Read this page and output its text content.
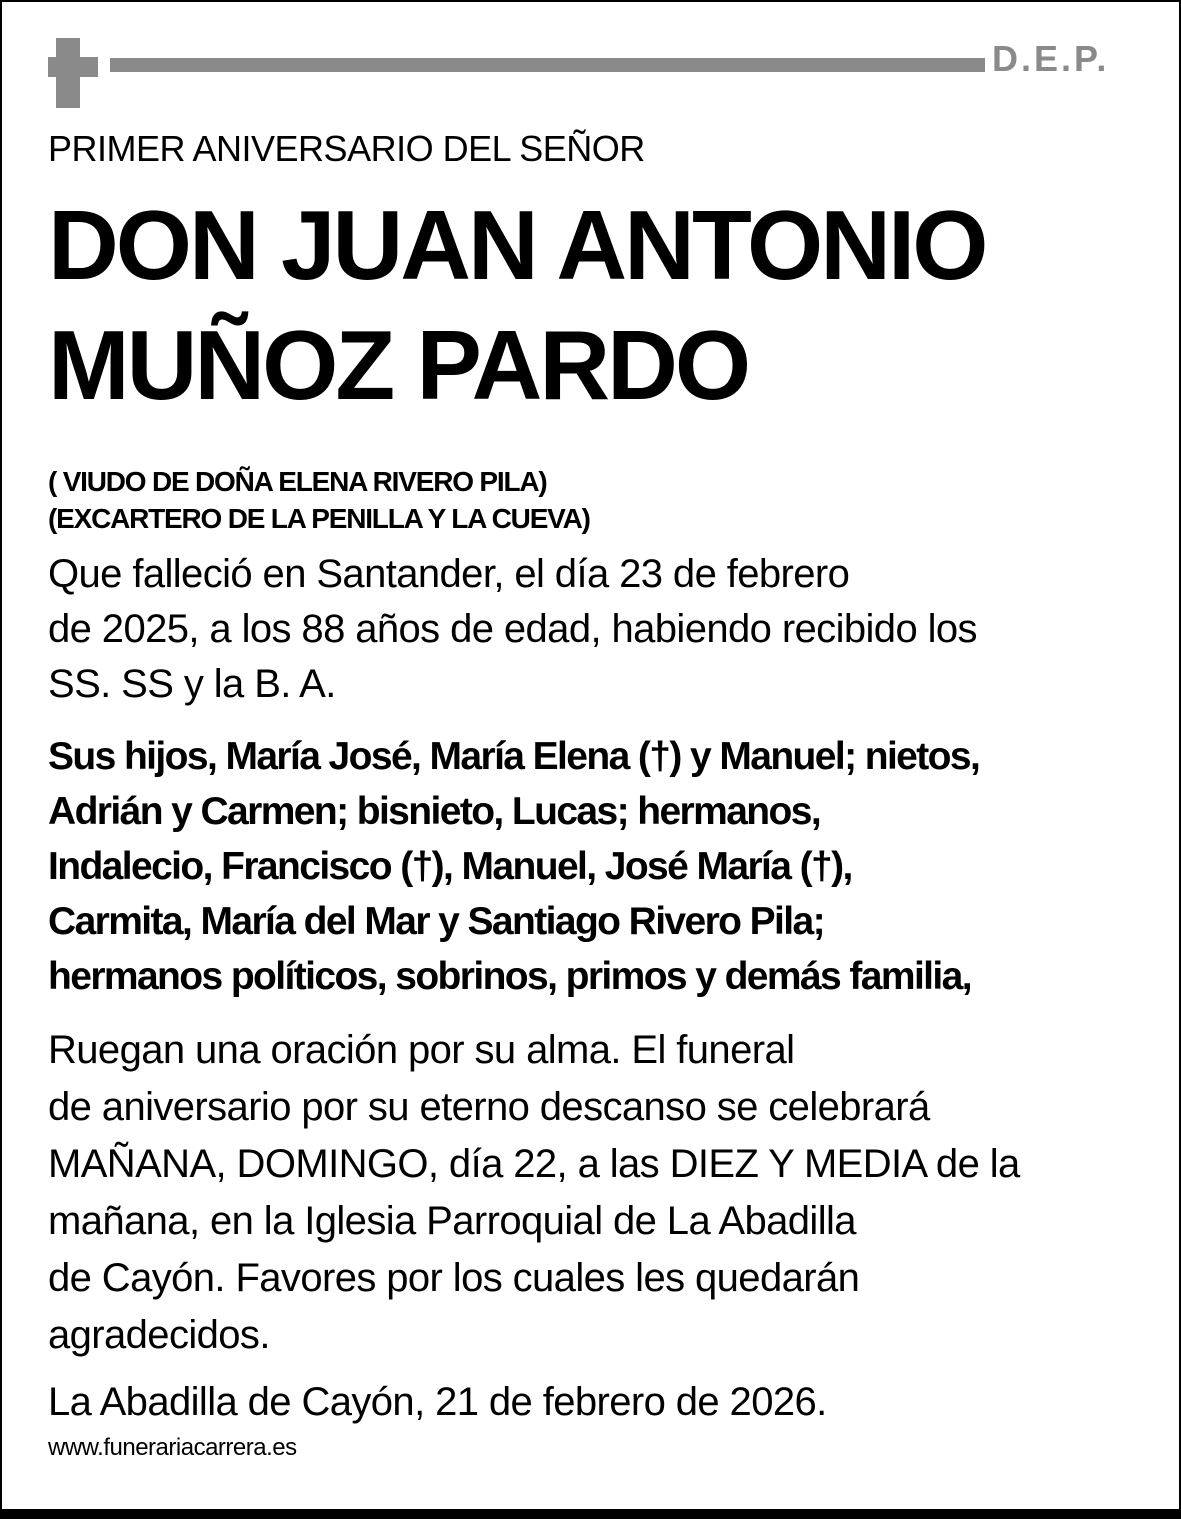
D.E.P.
PRIMER ANIVERSARIO DEL SEÑOR
DON JUAN ANTONIO
MUÑOZ PARDO
( VIUDO DE DOÑA ELENA RIVERO PILA)
(EXCARTERO DE LA PENILLA Y LA CUEVA)
Que falleció en Santander, el día 23 de febrero
de 2025, a los 88 años de edad, habiendo recibido los
SS. SS y la B. A.
Sus hijos, María José, María Elena (†) y Manuel; nietos,
Adrián y Carmen; bisnieto, Lucas; hermanos,
Indalecio, Francisco (†), Manuel, José María (†),
Carmita, María del Mar y Santiago Rivero Pila;
hermanos políticos, sobrinos, primos y demás familia,
Ruegan una oración por su alma. El funeral
de aniversario por su eterno descanso se celebrará
MAÑANA, DOMINGO, día 22, a las DIEZ Y MEDIA de la
mañana, en la Iglesia Parroquial de La Abadilla
de Cayón. Favores por los cuales les quedarán
agradecidos.
La Abadilla de Cayón, 21 de febrero de 2026.
www.funerariacarrera.es
